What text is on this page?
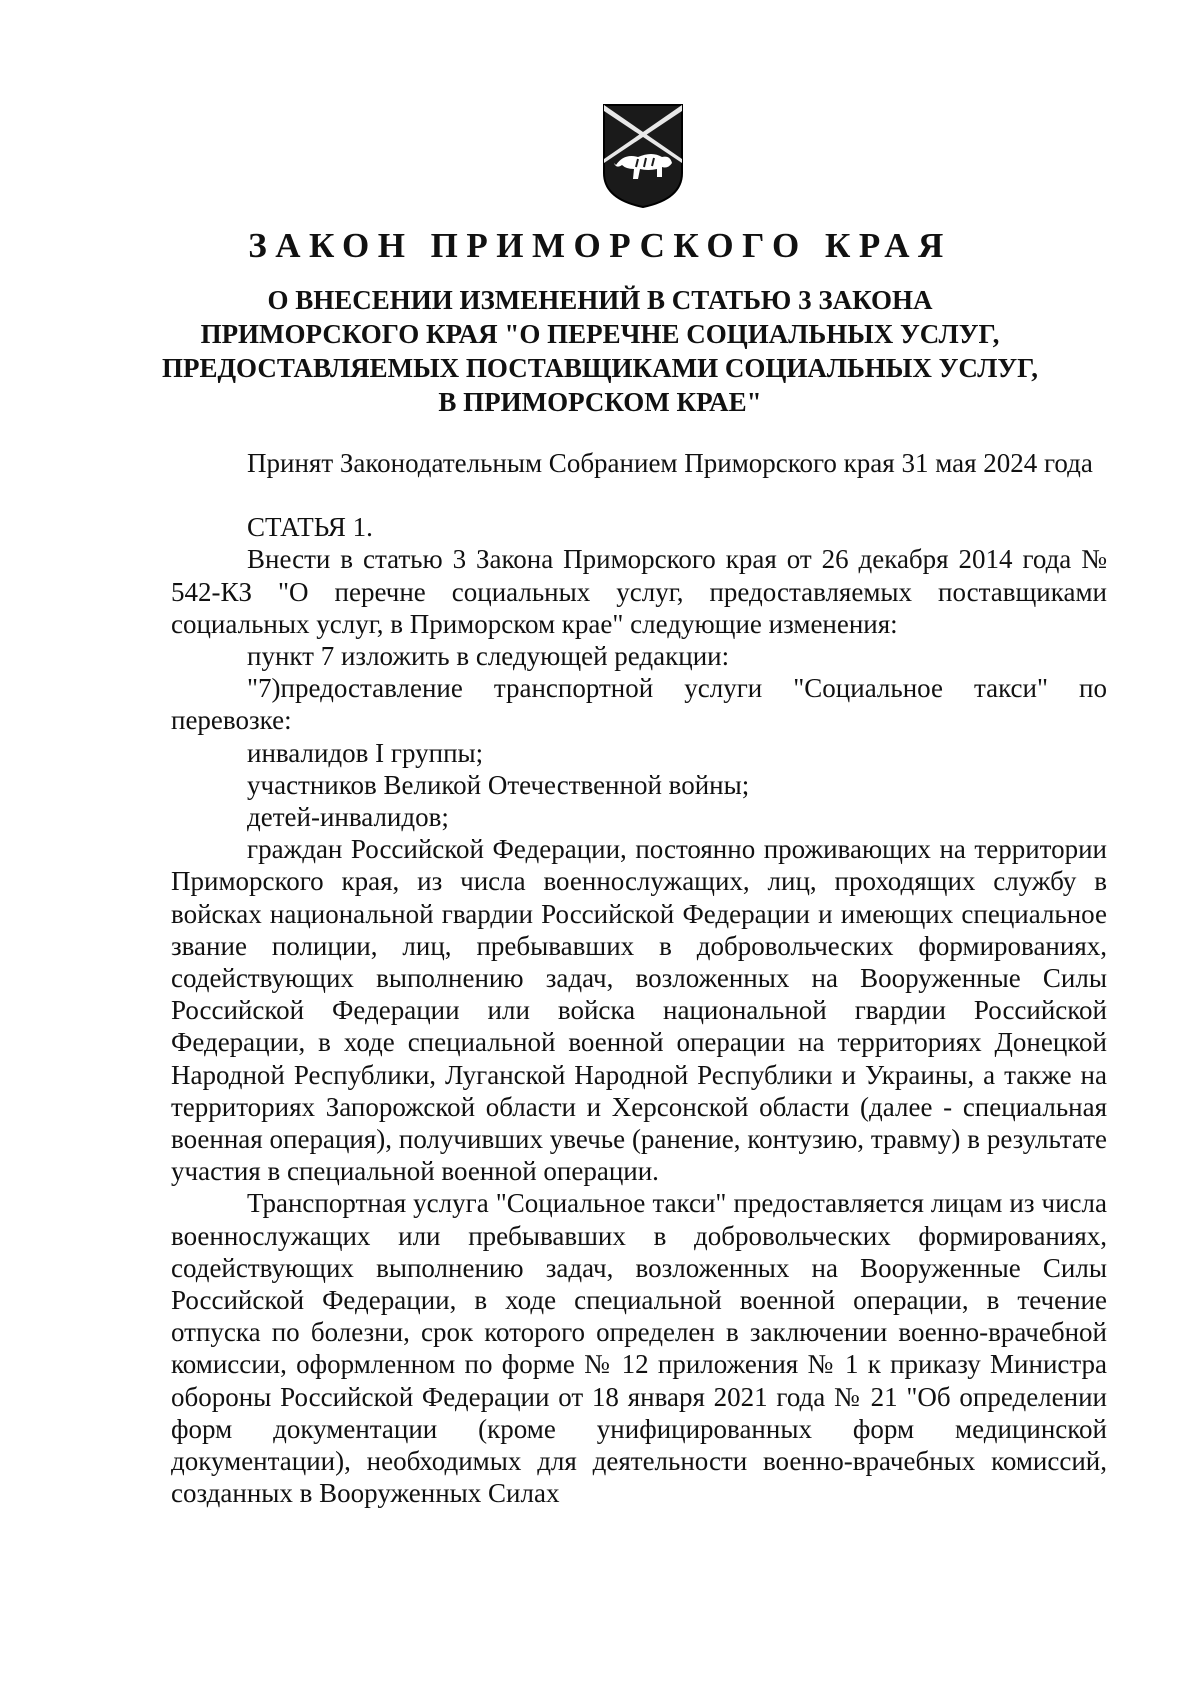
ЗАКОН ПРИМОРСКОГО КРАЯ
О ВНЕСЕНИИ ИЗМЕНЕНИЙ В СТАТЬЮ 3 ЗАКОНА
ПРИМОРСКОГО КРАЯ "О ПЕРЕЧНЕ СОЦИАЛЬНЫХ УСЛУГ,
ПРЕДОСТАВЛЯЕМЫХ ПОСТАВЩИКАМИ СОЦИАЛЬНЫХ УСЛУГ,
В ПРИМОРСКОМ КРАЕ"

Принят Законодательным Собранием Приморского края 31 мая 2024 года

СТАТЬЯ 1.

Внести в статью 3 Закона Приморского края от 26 декабря 2014 года № 542-КЗ "О перечне социальных услуг, предоставляемых поставщиками социальных услуг, в Приморском крае" следующие изменения:

пункт 7 изложить в следующей редакции:

"7)предоставление транспортной услуги "Социальное такси" по перевозке:

инвалидов I группы;

участников Великой Отечественной войны;

детей-инвалидов;

граждан Российской Федерации, постоянно проживающих на территории Приморского края, из числа военнослужащих, лиц, проходящих службу в войсках национальной гвардии Российской Федерации и имеющих специальное звание полиции, лиц, пребывавших в добровольческих формированиях, содействующих выполнению задач, возложенных на Вооруженные Силы Российской Федерации или войска национальной гвардии Российской Федерации, в ходе специальной военной операции на территориях Донецкой Народной Республики, Луганской Народной Республики и Украины, а также на территориях Запорожской области и Херсонской области (далее - специальная военная операция), получивших увечье (ранение, контузию, травму) в результате участия в специальной военной операции.

Транспортная услуга "Социальное такси" предоставляется лицам из числа военнослужащих или пребывавших в добровольческих формированиях, содействующих выполнению задач, возложенных на Вооруженные Силы Российской Федерации, в ходе специальной военной операции, в течение отпуска по болезни, срок которого определен в заключении военно-врачебной комиссии, оформленном по форме № 12 приложения № 1 к приказу Министра обороны Российской Федерации от 18 января 2021 года № 21 "Об определении форм документации (кроме унифицированных форм медицинской документации), необходимых для деятельности военно-врачебных комиссий, созданных в Вооруженных Силах
